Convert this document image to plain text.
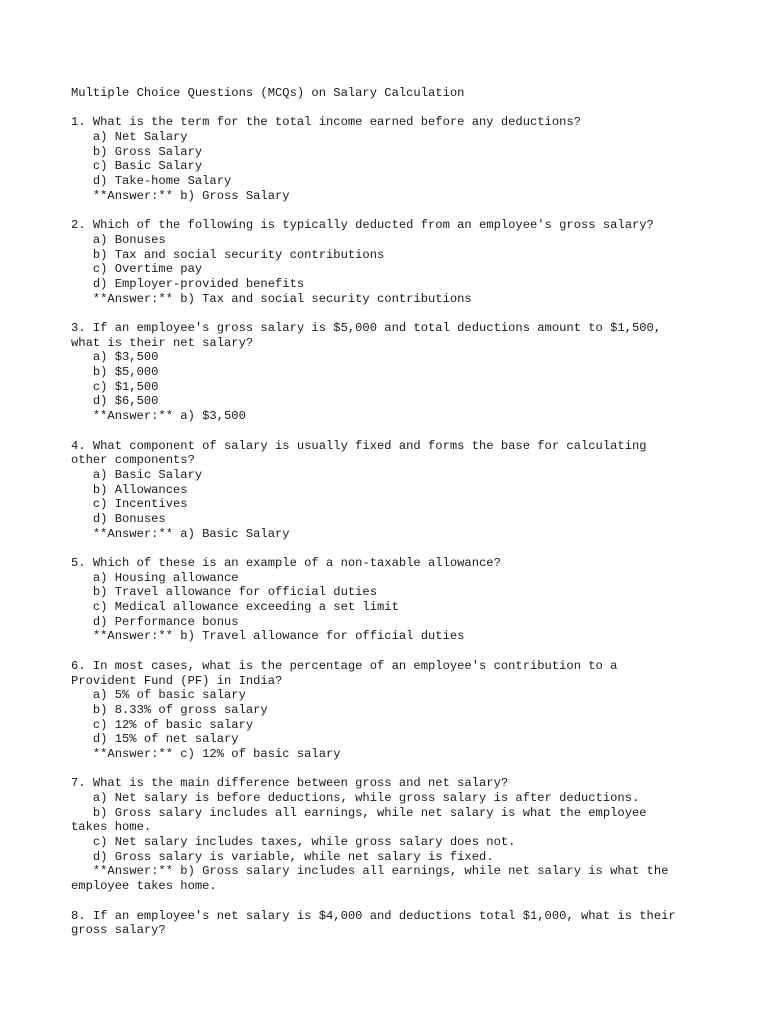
Multiple Choice Questions (MCQs) on Salary Calculation
1. What is the term for the total income earned before any deductions?
a) Net Salary
b) Gross Salary
c) Basic Salary
d) Take-home Salary
**Answer:** b) Gross Salary
2. Which of the following is typically deducted from an employee's gross salary?
a) Bonuses
b) Tax and social security contributions
c) Overtime pay
d) Employer-provided benefits
**Answer:** b) Tax and social security contributions
3. If an employee's gross salary is $5,000 and total deductions amount to $1,500,
what is their net salary?
a) $3,500
b) $5,000
c) $1,500
d) $6,500
**Answer:** a) $3,500
4. What component of salary is usually fixed and forms the base for calculating
other components?
a) Basic Salary
b) Allowances
c) Incentives
d) Bonuses
**Answer:** a) Basic Salary
5. Which of these is an example of a non-taxable allowance?
a) Housing allowance
b) Travel allowance for official duties
c) Medical allowance exceeding a set limit
d) Performance bonus
**Answer:** b) Travel allowance for official duties
6. In most cases, what is the percentage of an employee's contribution to a
Provident Fund (PF) in India?
a) 5% of basic salary
b) 8.33% of gross salary
c) 12% of basic salary
d) 15% of net salary
**Answer:** c) 12% of basic salary
7. What is the main difference between gross and net salary?
a) Net salary is before deductions, while gross salary is after deductions.
b) Gross salary includes all earnings, while net salary is what the employee
takes home.
c) Net salary includes taxes, while gross salary does not.
d) Gross salary is variable, while net salary is fixed.
**Answer:** b) Gross salary includes all earnings, while net salary is what the
employee takes home.
8. If an employee's net salary is $4,000 and deductions total $1,000, what is their
gross salary?
